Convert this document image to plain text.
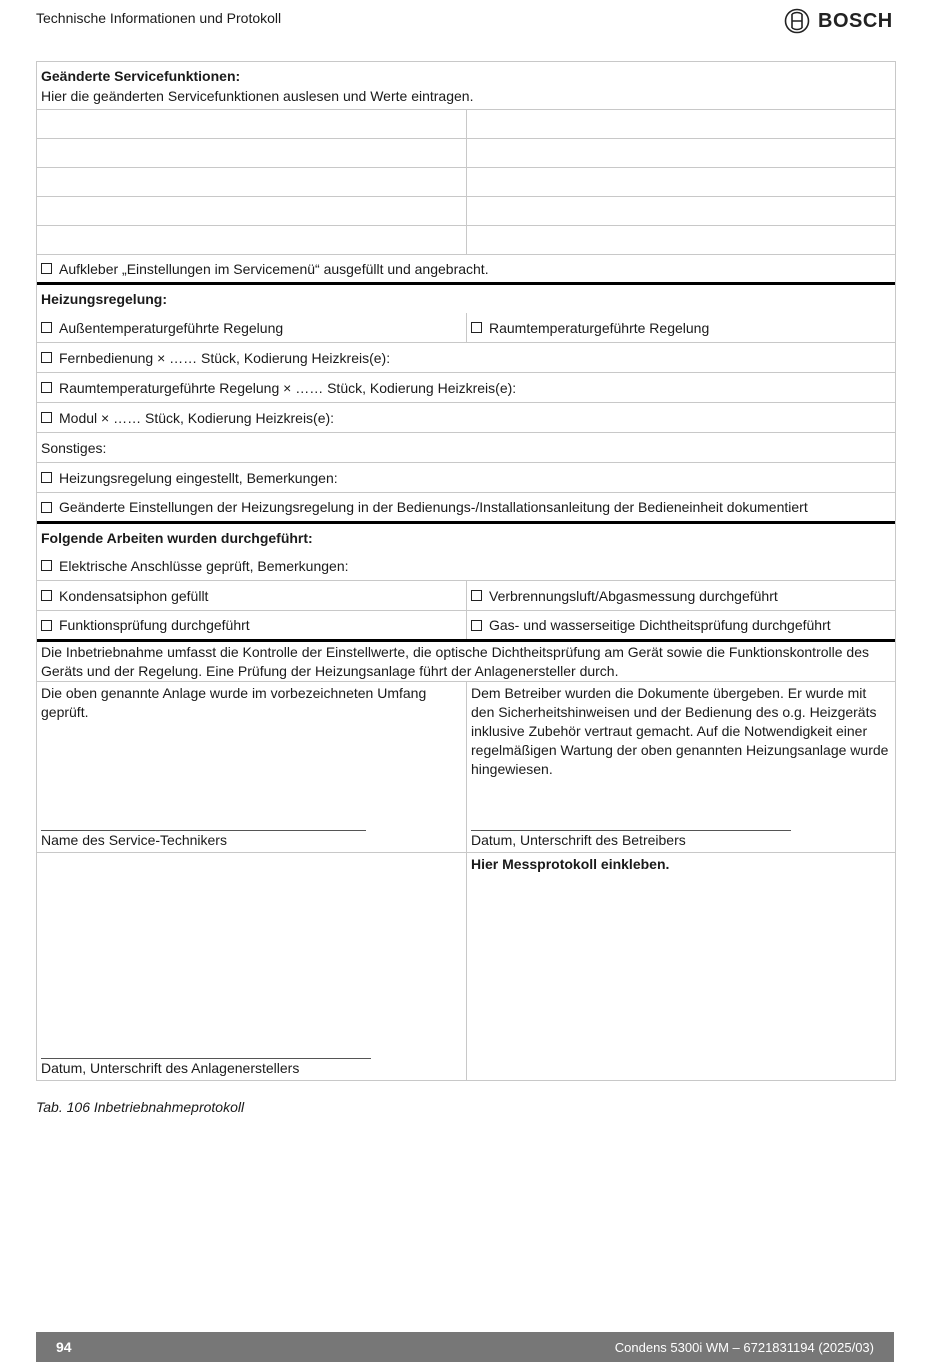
Technische Informationen und Protokoll	BOSCH
Geänderte Servicefunktionen:
Hier die geänderten Servicefunktionen auslesen und Werte eintragen.
Aufkleber „Einstellungen im Servicemenü“ ausgefüllt und angebracht.
Heizungsregelung:
Außentemperaturgeführte Regelung	Raumtemperaturgeführte Regelung
Fernbedienung × …… Stück, Kodierung Heizkreis(e):
Raumtemperaturgeführte Regelung × …… Stück, Kodierung Heizkreis(e):
Modul × …… Stück, Kodierung Heizkreis(e):
Sonstiges:
Heizungsregelung eingestellt, Bemerkungen:
Geänderte Einstellungen der Heizungsregelung in der Bedienungs-/Installationsanleitung der Bedieneinheit dokumentiert
Folgende Arbeiten wurden durchgeführt:
Elektrische Anschlüsse geprüft, Bemerkungen:
Kondensatsiphon gefüllt	Verbrennungsluft/Abgasmessung durchgeführt
Funktionsprüfung durchgeführt	Gas- und wasserseitige Dichtheitsprüfung durchgeführt
Die Inbetriebnahme umfasst die Kontrolle der Einstellwerte, die optische Dichtheitsprüfung am Gerät sowie die Funktionskontrolle des Geräts und der Regelung. Eine Prüfung der Heizungsanlage führt der Anlagenersteller durch.
Die oben genannte Anlage wurde im vorbezeichneten Umfang geprüft.
Name des Service-Technikers
Dem Betreiber wurden die Dokumente übergeben. Er wurde mit den Sicherheitshinweisen und der Bedienung des o.g. Heizgeräts inklusive Zubehör vertraut gemacht. Auf die Notwendigkeit einer regelmäßigen Wartung der oben genannten Heizungsanlage wurde hingewiesen.
Datum, Unterschrift des Betreibers
Datum, Unterschrift des Anlagenerstellers
Hier Messprotokoll einkleben.
Tab. 106 Inbetriebnahmeprotokoll
94	Condens 5300i WM – 6721831194 (2025/03)
